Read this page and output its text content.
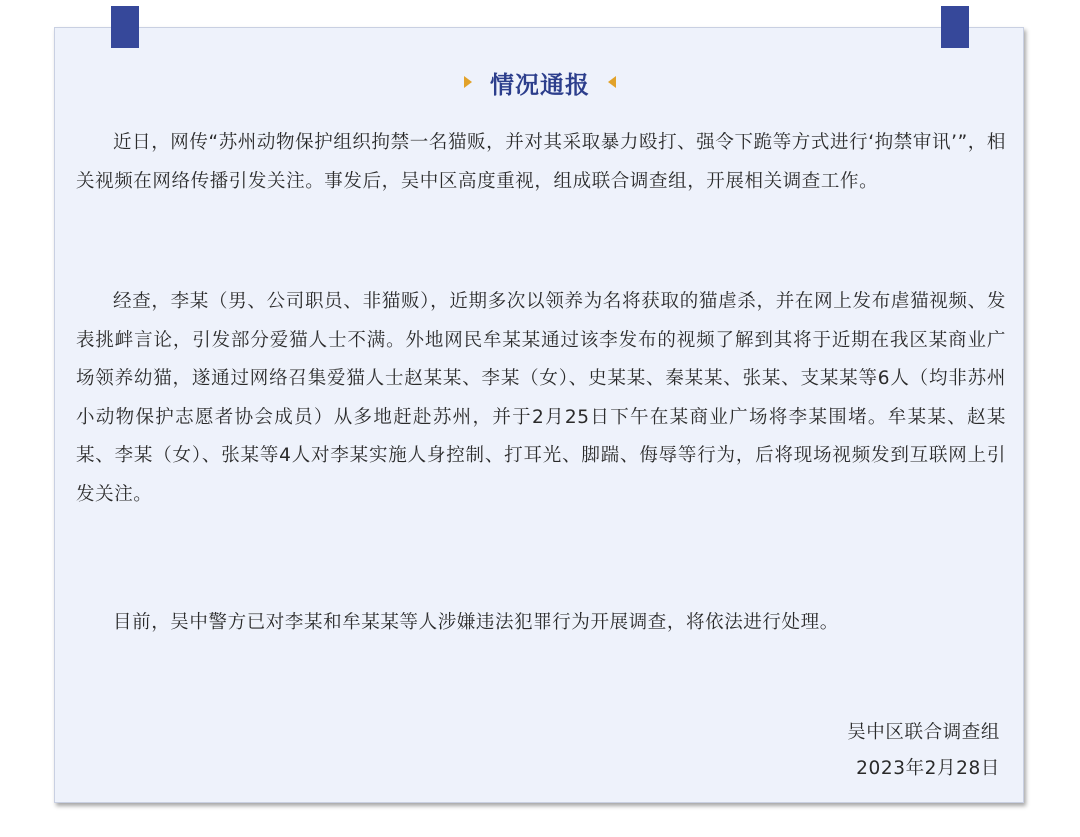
情况通报

近日，网传“苏州动物保护组织拘禁一名猫贩，并对其采取暴力殴打、强令下跪等方式进行‘拘禁审讯’”，相关视频在网络传播引发关注。事发后，吴中区高度重视，组成联合调查组，开展相关调查工作。

经查，李某（男、公司职员、非猫贩），近期多次以领养为名将获取的猫虐杀，并在网上发布虐猫视频、发表挑衅言论，引发部分爱猫人士不满。外地网民牟某某通过该李发布的视频了解到其将于近期在我区某商业广场领养幼猫，遂通过网络召集爱猫人士赵某某、李某（女）、史某某、秦某某、张某、支某某等6人（均非苏州小动物保护志愿者协会成员）从多地赶赴苏州，并于2月25日下午在某商业广场将李某围堵。牟某某、赵某某、李某（女）、张某等4人对李某实施人身控制、打耳光、脚踹、侮辱等行为，后将现场视频发到互联网上引发关注。

目前，吴中警方已对李某和牟某某等人涉嫌违法犯罪行为开展调查，将依法进行处理。

吴中区联合调查组
2023年2月28日
